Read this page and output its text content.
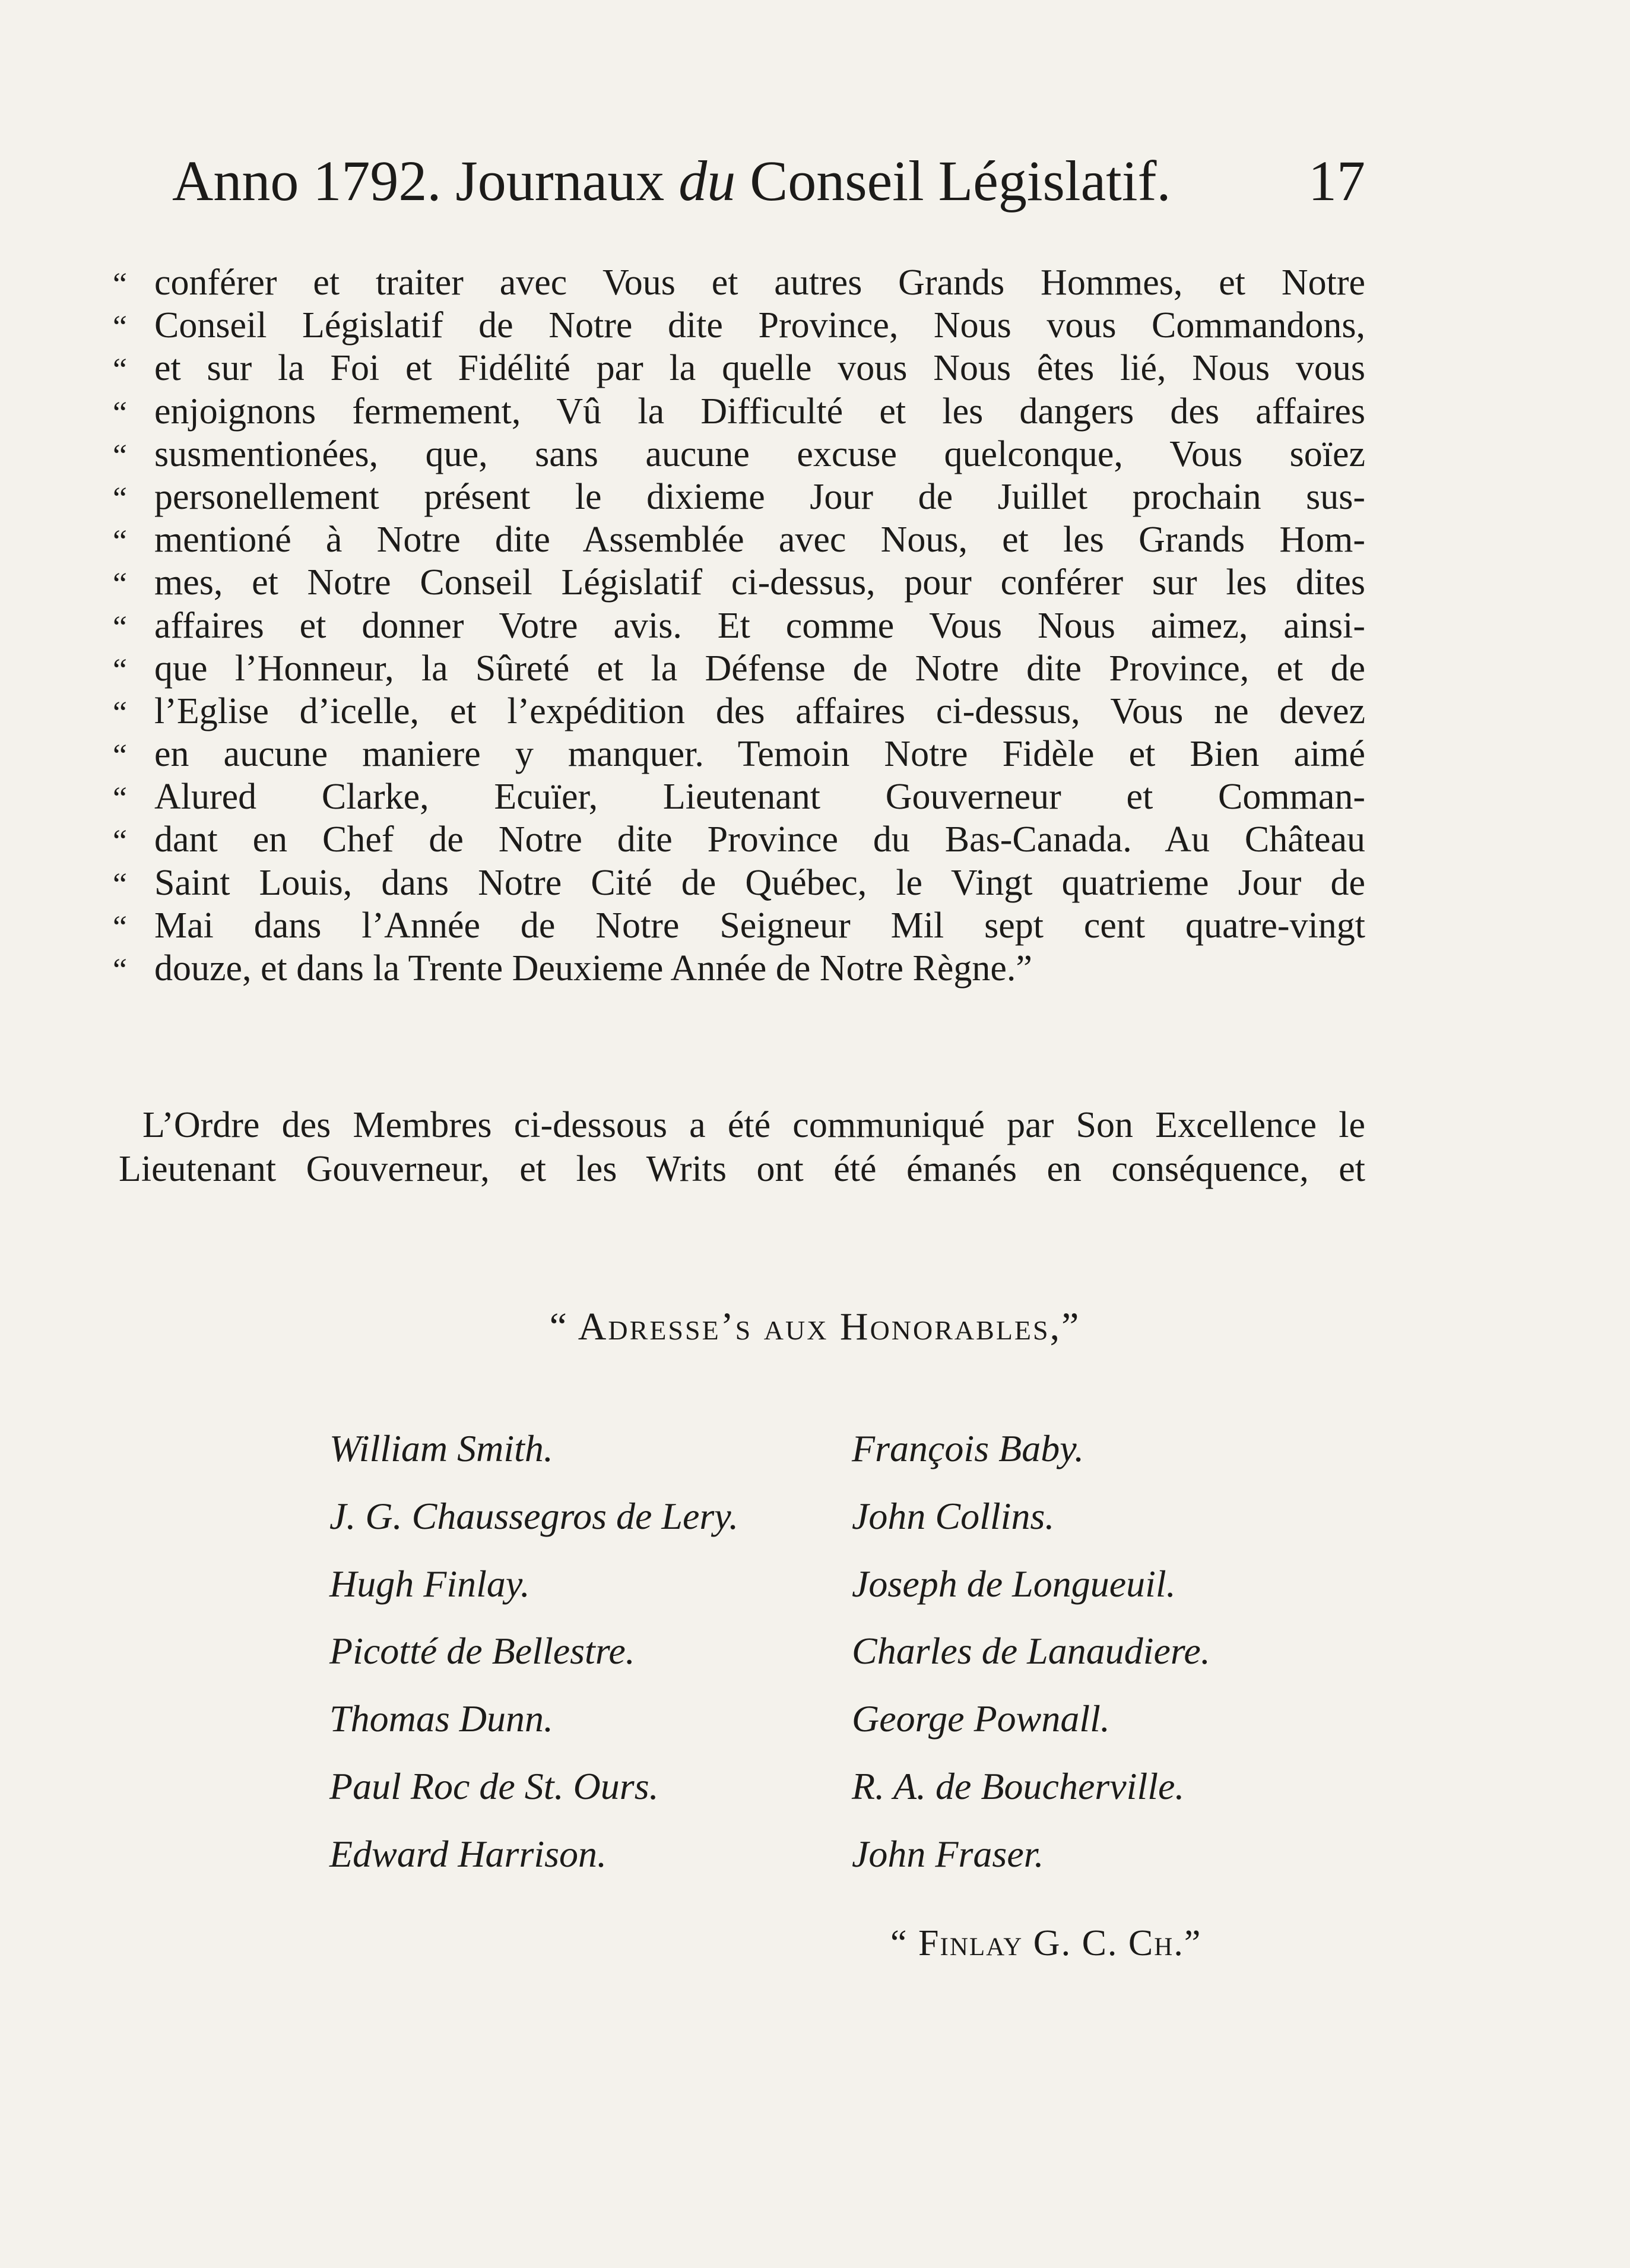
Anno 1792. Journaux du Conseil Législatif. 17
“ conférer et traiter avec Vous et autres Grands Hommes, et Notre
“ Conseil Législatif de Notre dite Province, Nous vous Commandons,
“ et sur la Foi et Fidélité par la quelle vous Nous êtes lié, Nous vous
“ enjoignons fermement, Vû la Difficulté et les dangers des affaires
“ susmentionées, que, sans aucune excuse quelconque, Vous soïez
“ personellement présent le dixieme Jour de Juillet prochain sus-
“ mentioné à Notre dite Assemblée avec Nous, et les Grands Hom-
“ mes, et Notre Conseil Législatif ci-dessus, pour conférer sur les dites
“ affaires et donner Votre avis. Et comme Vous Nous aimez, ainsi-
“ que l’Honneur, la Sûreté et la Défense de Notre dite Province, et de
“ l’Eglise d’icelle, et l’expédition des affaires ci-dessus, Vous ne devez
“ en aucune maniere y manquer. Temoin Notre Fidèle et Bien aimé
“ Alured Clarke, Ecuïer, Lieutenant Gouverneur et Comman-
“ dant en Chef de Notre dite Province du Bas-Canada. Au Château
“ Saint Louis, dans Notre Cité de Québec, le Vingt quatrieme Jour de
“ Mai dans l’Année de Notre Seigneur Mil sept cent quatre-vingt
“ douze, et dans la Trente Deuxieme Année de Notre Règne.”
L’Ordre des Membres ci-dessous a été communiqué par Son Excellence le Lieutenant Gouverneur, et les Writs ont été émanés en conséquence, et
“ Adresse’s aux Honorables,”
William Smith.	François Baby.
J. G. Chaussegros de Lery.	John Collins.
Hugh Finlay.	Joseph de Longueuil.
Picotté de Bellestre.	Charles de Lanaudiere.
Thomas Dunn.	George Pownall.
Paul Roc de St. Ours.	R. A. de Boucherville.
Edward Harrison.	John Fraser.
“ Finlay G. C. Ch.”
